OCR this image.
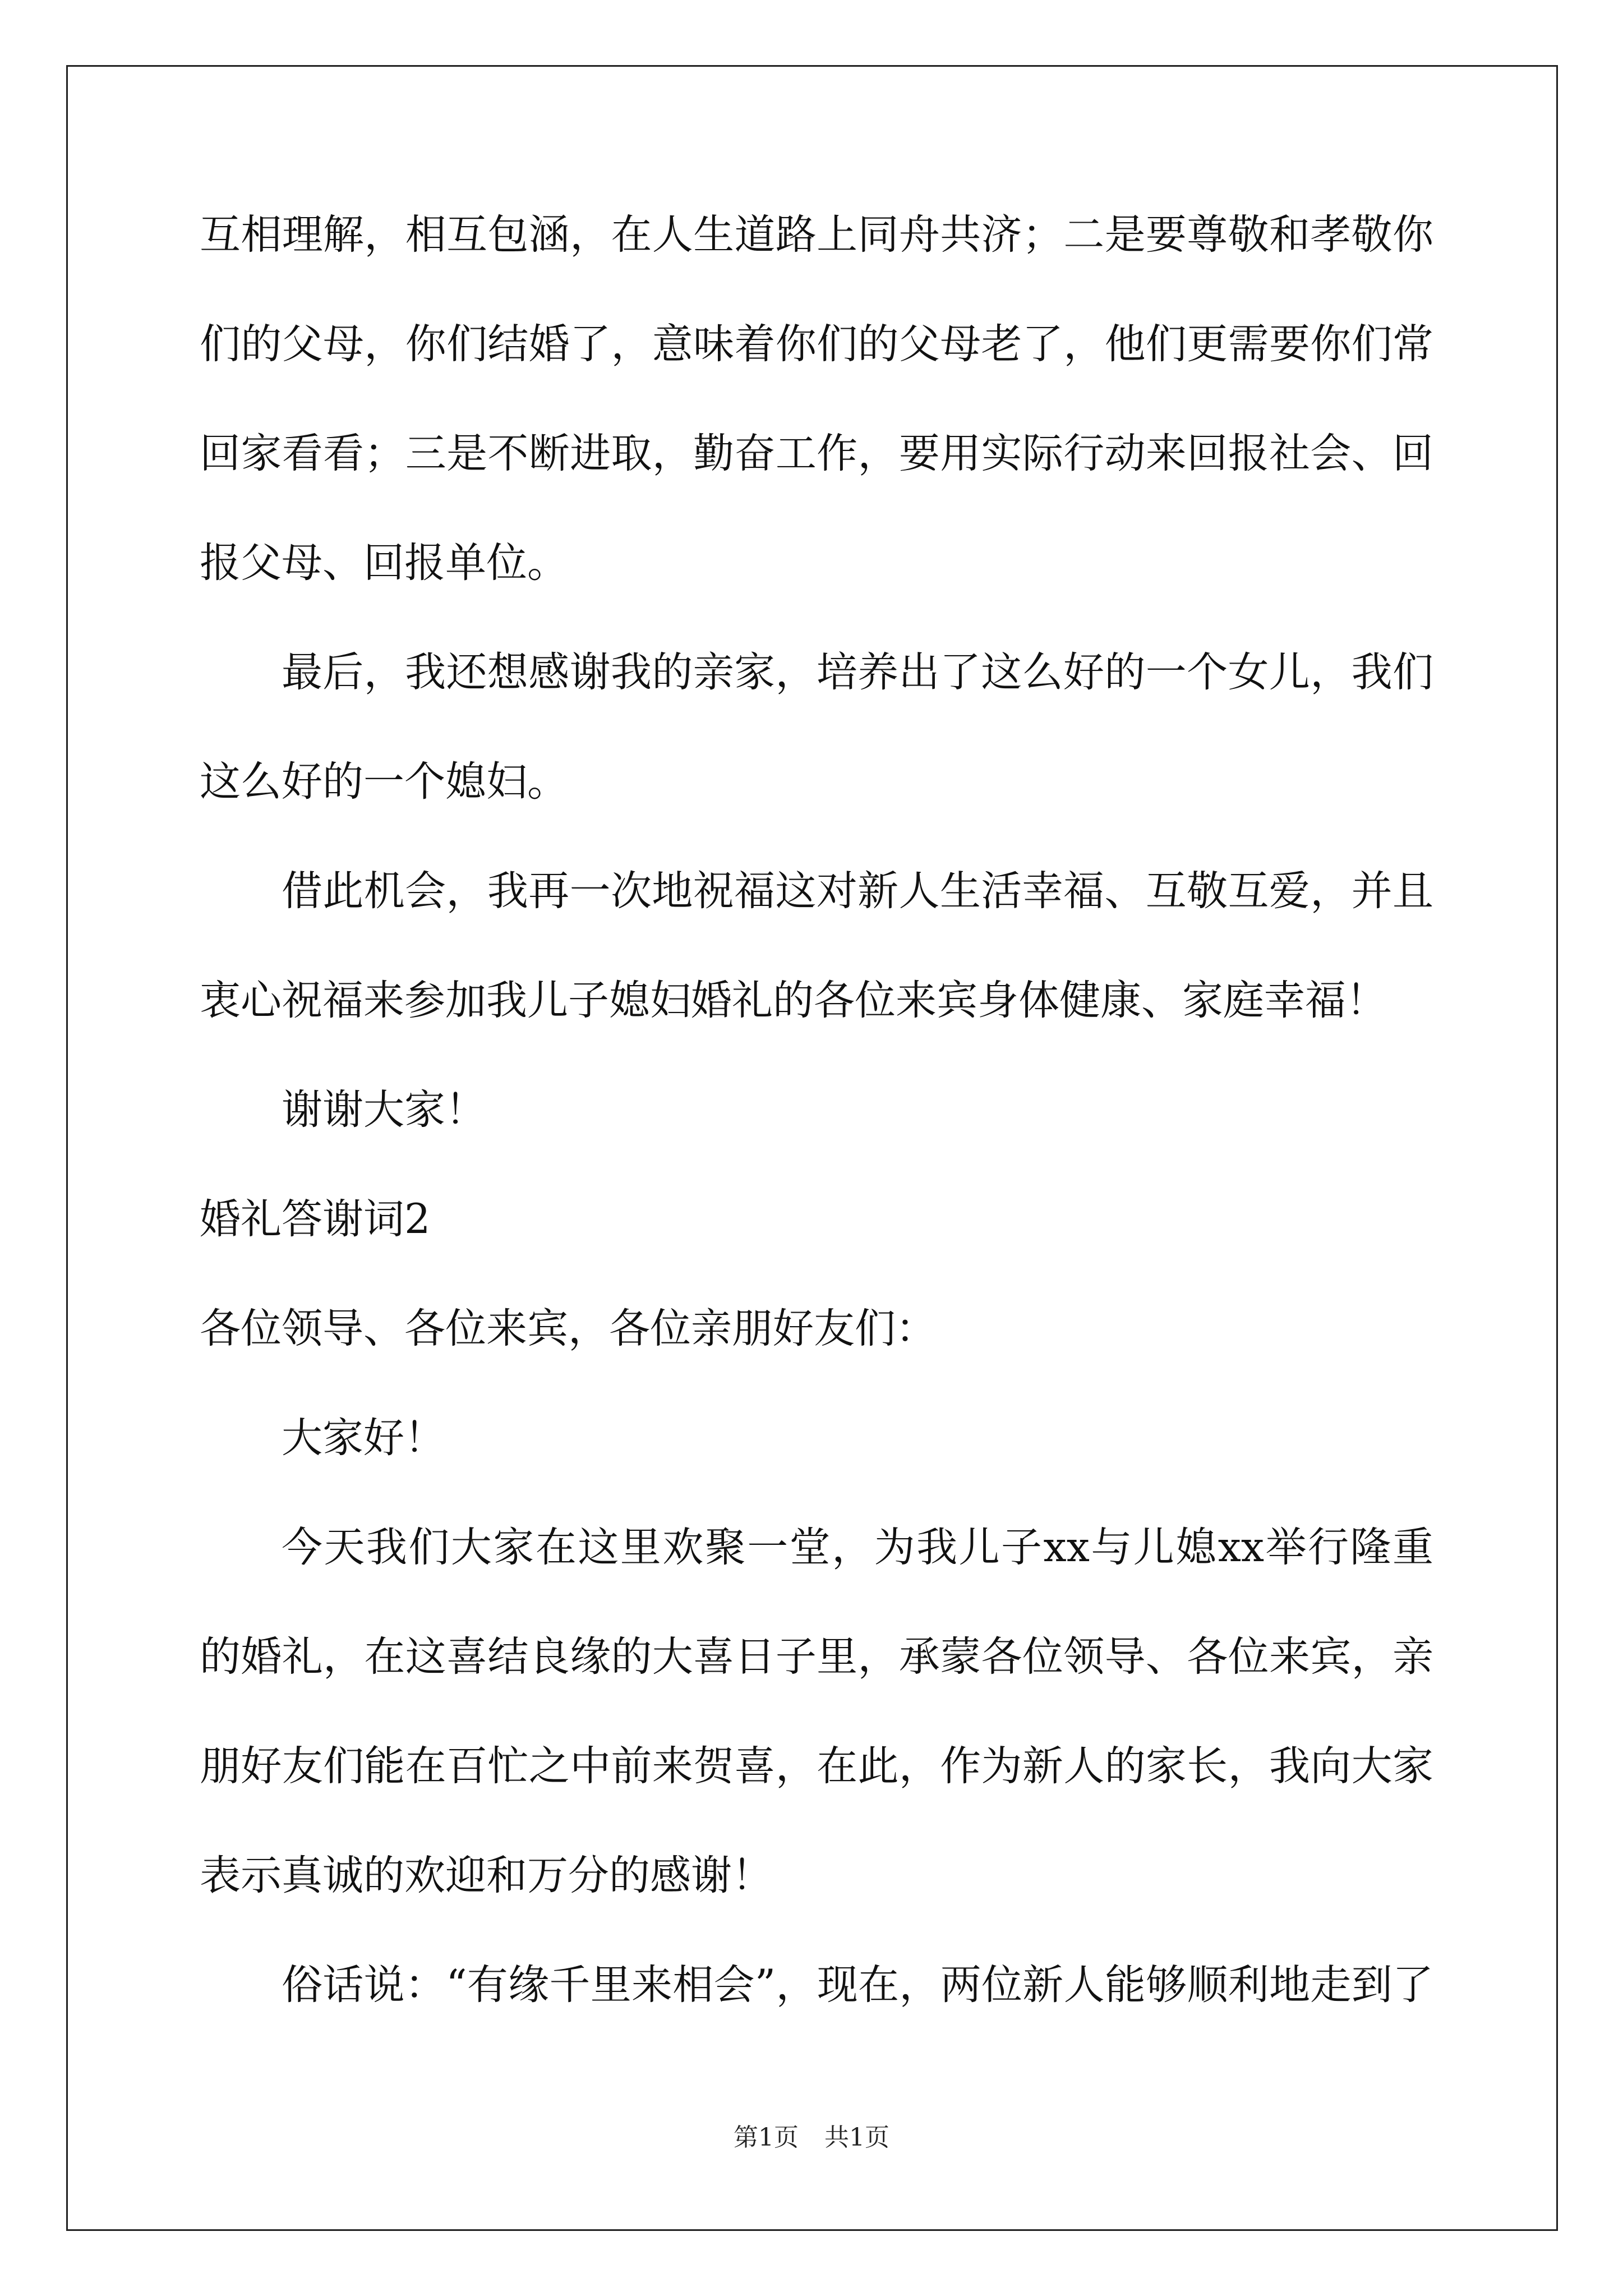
互相理解，相互包涵，在人生道路上同舟共济；二是要尊敬和孝敬你
们的父母，你们结婚了，意味着你们的父母老了，他们更需要你们常
回家看看；三是不断进取，勤奋工作，要用实际行动来回报社会、回
报父母、回报单位。
最后，我还想感谢我的亲家，培养出了这么好的一个女儿，我们
这么好的一个媳妇。
借此机会，我再一次地祝福这对新人生活幸福、互敬互爱，并且
衷心祝福来参加我儿子媳妇婚礼的各位来宾身体健康、家庭幸福！
谢谢大家！
婚礼答谢词2
各位领导、各位来宾，各位亲朋好友们：
大家好！
今天我们大家在这里欢聚一堂，为我儿子xx与儿媳xx举行隆重
的婚礼，在这喜结良缘的大喜日子里，承蒙各位领导、各位来宾，亲
朋好友们能在百忙之中前来贺喜，在此，作为新人的家长，我向大家
表示真诚的欢迎和万分的感谢！
俗话说：“有缘千里来相会”，现在，两位新人能够顺利地走到了
第1页 共1页
